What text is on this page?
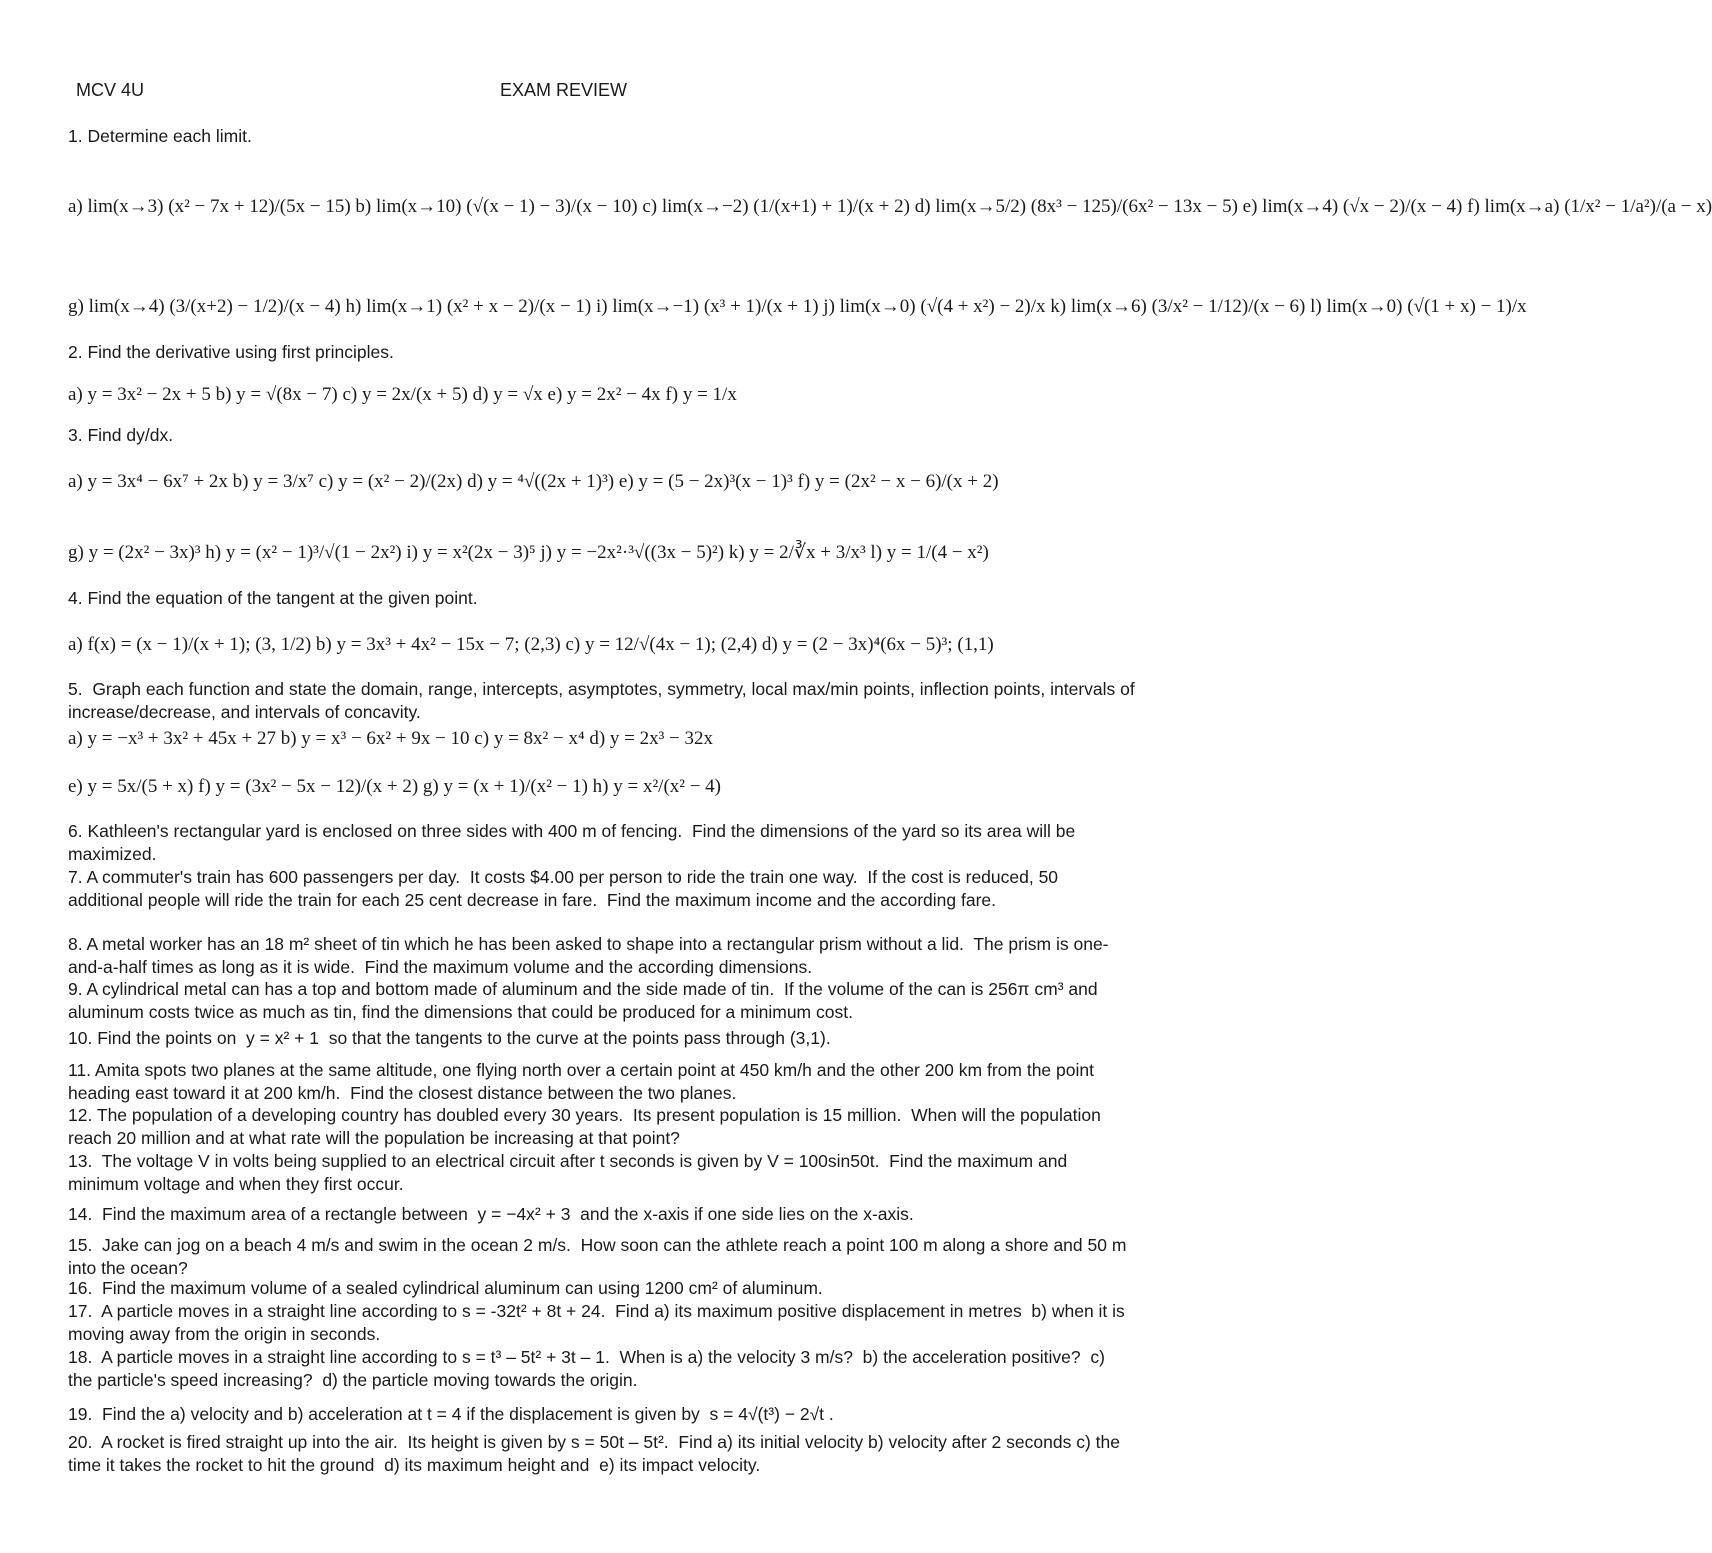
MCV 4U	EXAM REVIEW
1. Determine each limit.
a) lim(x→3) (x² − 7x + 12)/(5x − 15) b) lim(x→10) (√(x − 1) − 3)/(x − 10) c) lim(x→−2) (1/(x+1) + 1)/(x + 2) d) lim(x→5/2) (8x³ − 125)/(6x² − 13x − 5) e) lim(x→4) (√x − 2)/(x − 4) f) lim(x→a) (1/x² − 1/a²)/(a − x)
g) lim(x→4) (3/(x+2) − 1/2)/(x − 4) h) lim(x→1) (x² + x − 2)/(x − 1) i) lim(x→−1) (x³ + 1)/(x + 1) j) lim(x→0) (√(4 + x²) − 2)/x k) lim(x→6) (3/x² − 1/12)/(x − 6) l) lim(x→0) (√(1 + x) − 1)/x
2. Find the derivative using first principles.
a) y = 3x² − 2x + 5 b) y = √(8x − 7) c) y = 2x/(x + 5) d) y = √x e) y = 2x² − 4x f) y = 1/x
3. Find dy/dx.
a) y = 3x⁴ − 6x⁷ + 2x b) y = 3/x⁷ c) y = (x² − 2)/(2x) d) y = ⁴√((2x + 1)³) e) y = (5 − 2x)³(x − 1)³ f) y = (2x² − x − 6)/(x + 2)
g) y = (2x² − 3x)³ h) y = (x² − 1)³/√(1 − 2x²) i) y = x²(2x − 3)⁵ j) y = −2x²·³√((3x − 5)²) k) y = 2/∛x + 3/x³ l) y = 1/(4 − x²)
4. Find the equation of the tangent at the given point.
a) f(x) = (x − 1)/(x + 1); (3, 1/2) b) y = 3x³ + 4x² − 15x − 7; (2,3) c) y = 12/√(4x − 1); (2,4) d) y = (2 − 3x)⁴(6x − 5)³; (1,1)
5.  Graph each function and state the domain, range, intercepts, asymptotes, symmetry, local max/min points, inflection points, intervals of increase/decrease, and intervals of concavity.
a) y = −x³ + 3x² + 45x + 27 b) y = x³ − 6x² + 9x − 10 c) y = 8x² − x⁴ d) y = 2x³ − 32x
e) y = 5x/(5 + x) f) y = (3x² − 5x − 12)/(x + 2) g) y = (x + 1)/(x² − 1) h) y = x²/(x² − 4)
6. Kathleen's rectangular yard is enclosed on three sides with 400 m of fencing.  Find the dimensions of the yard so its area will be maximized.
7. A commuter's train has 600 passengers per day.  It costs $4.00 per person to ride the train one way.  If the cost is reduced, 50 additional people will ride the train for each 25 cent decrease in fare.  Find the maximum income and the according fare.
8. A metal worker has an 18 m² sheet of tin which he has been asked to shape into a rectangular prism without a lid.  The prism is one-and-a-half times as long as it is wide.  Find the maximum volume and the according dimensions.
9. A cylindrical metal can has a top and bottom made of aluminum and the side made of tin.  If the volume of the can is 256π cm³ and aluminum costs twice as much as tin, find the dimensions that could be produced for a minimum cost.
10. Find the points on  y = x² + 1  so that the tangents to the curve at the points pass through (3,1).
11. Amita spots two planes at the same altitude, one flying north over a certain point at 450 km/h and the other 200 km from the point heading east toward it at 200 km/h.  Find the closest distance between the two planes.
12. The population of a developing country has doubled every 30 years.  Its present population is 15 million.  When will the population reach 20 million and at what rate will the population be increasing at that point?
13.  The voltage V in volts being supplied to an electrical circuit after t seconds is given by V = 100sin50t.  Find the maximum and minimum voltage and when they first occur.
14.  Find the maximum area of a rectangle between  y = −4x² + 3  and the x-axis if one side lies on the x-axis.
15.  Jake can jog on a beach 4 m/s and swim in the ocean 2 m/s.  How soon can the athlete reach a point 100 m along a shore and 50 m into the ocean?
16.  Find the maximum volume of a sealed cylindrical aluminum can using 1200 cm² of aluminum.
17.  A particle moves in a straight line according to s = -32t² + 8t + 24.  Find a) its maximum positive displacement in metres  b) when it is moving away from the origin in seconds.
18.  A particle moves in a straight line according to s = t³ – 5t² + 3t – 1.  When is a) the velocity 3 m/s?  b) the acceleration positive?  c)  the particle's speed increasing?  d) the particle moving towards the origin.
19.  Find the a) velocity and b) acceleration at t = 4 if the displacement is given by  s = 4√(t³) − 2√t .
20.  A rocket is fired straight up into the air.  Its height is given by s = 50t – 5t².  Find a) its initial velocity b) velocity after 2 seconds c) the time it takes the rocket to hit the ground  d) its maximum height and  e) its impact velocity.
